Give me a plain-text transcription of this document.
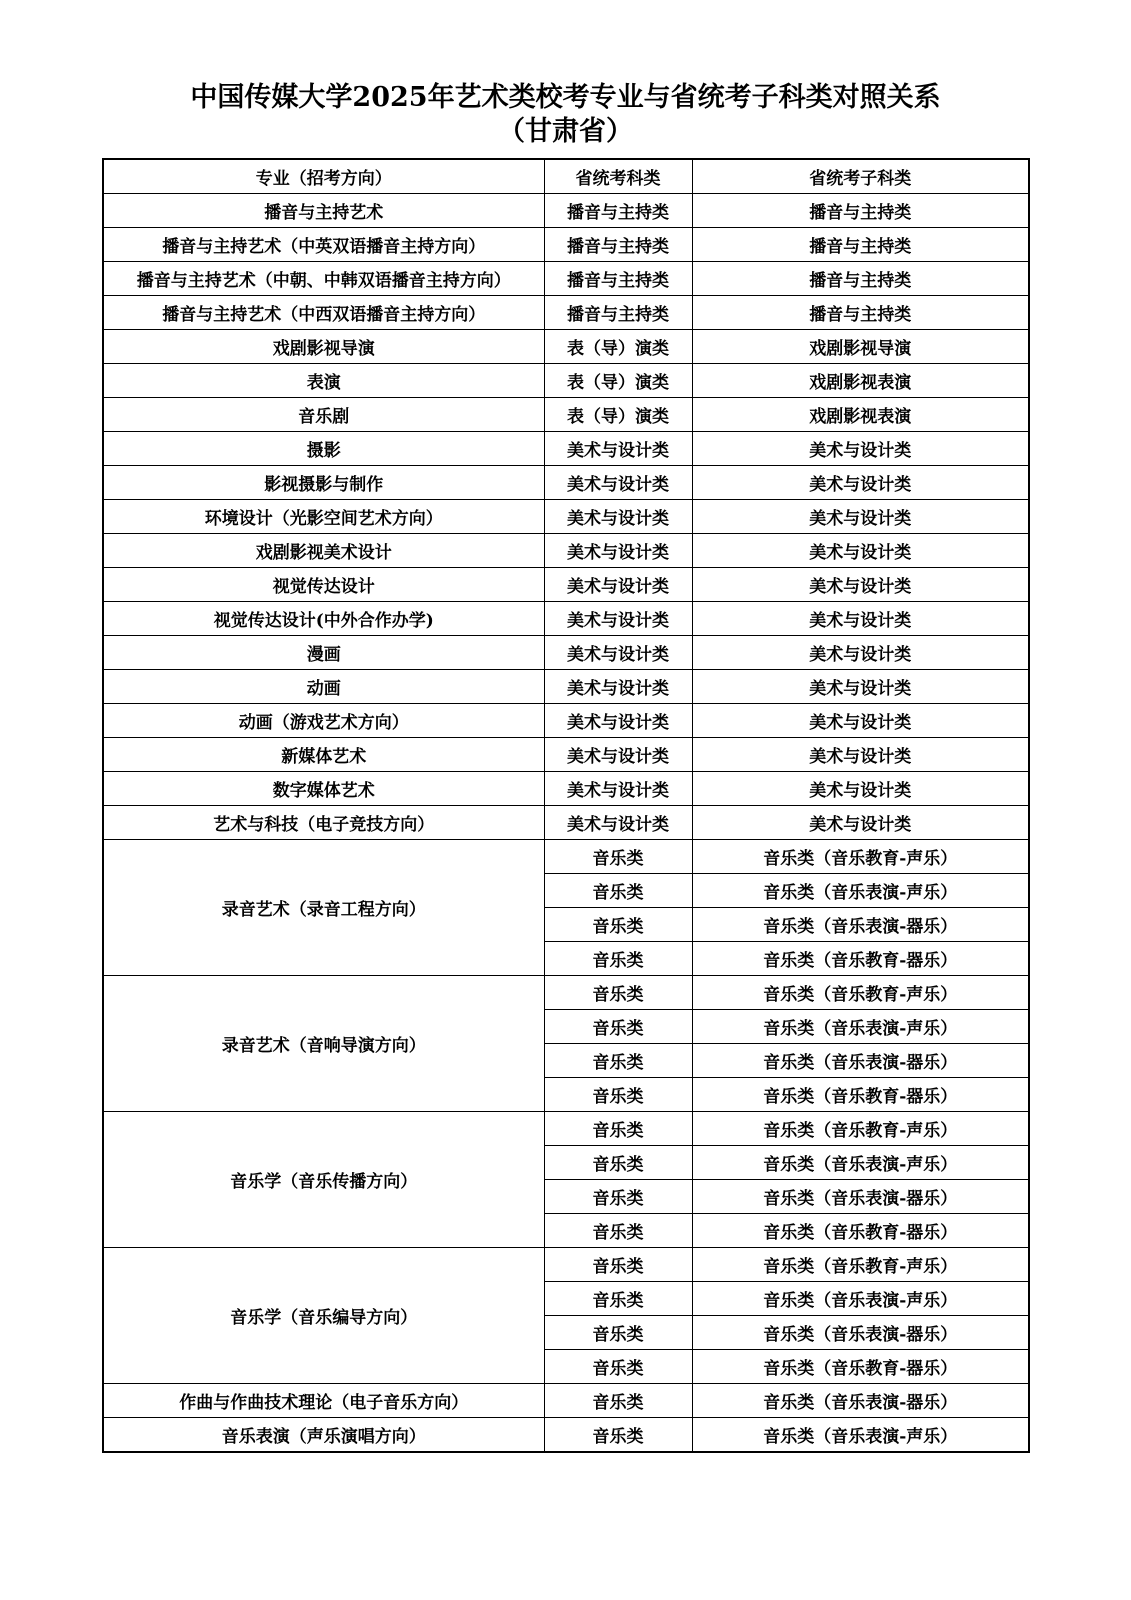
中国传媒大学2025年艺术类校考专业与省统考子科类对照关系
（甘肃省）
专业（招考方向）	省统考科类	省统考子科类
播音与主持艺术	播音与主持类	播音与主持类
播音与主持艺术（中英双语播音主持方向）	播音与主持类	播音与主持类
播音与主持艺术（中朝、中韩双语播音主持方向）	播音与主持类	播音与主持类
播音与主持艺术（中西双语播音主持方向）	播音与主持类	播音与主持类
戏剧影视导演	表（导）演类	戏剧影视导演
表演	表（导）演类	戏剧影视表演
音乐剧	表（导）演类	戏剧影视表演
摄影	美术与设计类	美术与设计类
影视摄影与制作	美术与设计类	美术与设计类
环境设计（光影空间艺术方向）	美术与设计类	美术与设计类
戏剧影视美术设计	美术与设计类	美术与设计类
视觉传达设计	美术与设计类	美术与设计类
视觉传达设计(中外合作办学)	美术与设计类	美术与设计类
漫画	美术与设计类	美术与设计类
动画	美术与设计类	美术与设计类
动画（游戏艺术方向）	美术与设计类	美术与设计类
新媒体艺术	美术与设计类	美术与设计类
数字媒体艺术	美术与设计类	美术与设计类
艺术与科技（电子竞技方向）	美术与设计类	美术与设计类
录音艺术（录音工程方向）	音乐类	音乐类（音乐教育-声乐）
	音乐类	音乐类（音乐表演-声乐）
	音乐类	音乐类（音乐表演-器乐）
	音乐类	音乐类（音乐教育-器乐）
录音艺术（音响导演方向）	音乐类	音乐类（音乐教育-声乐）
	音乐类	音乐类（音乐表演-声乐）
	音乐类	音乐类（音乐表演-器乐）
	音乐类	音乐类（音乐教育-器乐）
音乐学（音乐传播方向）	音乐类	音乐类（音乐教育-声乐）
	音乐类	音乐类（音乐表演-声乐）
	音乐类	音乐类（音乐表演-器乐）
	音乐类	音乐类（音乐教育-器乐）
音乐学（音乐编导方向）	音乐类	音乐类（音乐教育-声乐）
	音乐类	音乐类（音乐表演-声乐）
	音乐类	音乐类（音乐表演-器乐）
	音乐类	音乐类（音乐教育-器乐）
作曲与作曲技术理论（电子音乐方向）	音乐类	音乐类（音乐表演-器乐）
音乐表演（声乐演唱方向）	音乐类	音乐类（音乐表演-声乐）
